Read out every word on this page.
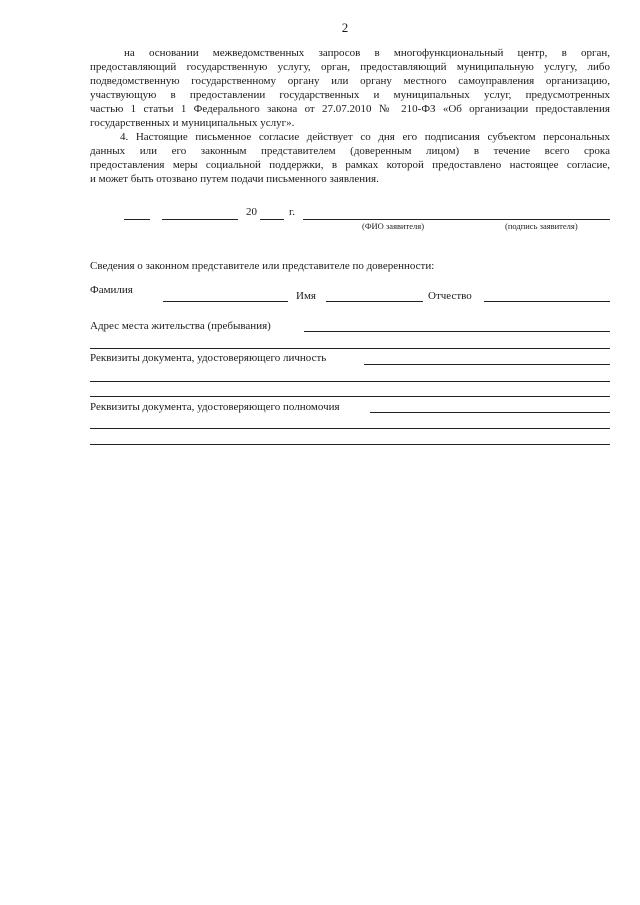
2
на основании межведомственных запросов в многофункциональный центр, в орган,
предоставляющий государственную услугу, орган, предоставляющий муниципальную услугу, либо
подведомственную государственному органу или органу местного самоуправления организацию,
участвующую в предоставлении государственных и муниципальных услуг, предусмотренных
частью 1 статьи 1 Федерального закона от 27.07.2010 № 210-ФЗ «Об организации предоставления
государственных и муниципальных услуг».
4. Настоящие письменное согласие действует со дня его подписания субъектом персональных
данных или его законным представителем (доверенным лицом) в течение всего срока
предоставления меры социальной поддержки, в рамках которой предоставлено настоящее согласие,
и может быть отозвано путем подачи письменного заявления.
20	г.
(ФИО заявителя)	(подпись заявителя)
Сведения о законном представителе или представителе по доверенности:
Фамилия	Имя	Отчество
Адрес места жительства (пребывания)
Реквизиты документа, удостоверяющего личность
Реквизиты документа, удостоверяющего полномочия
